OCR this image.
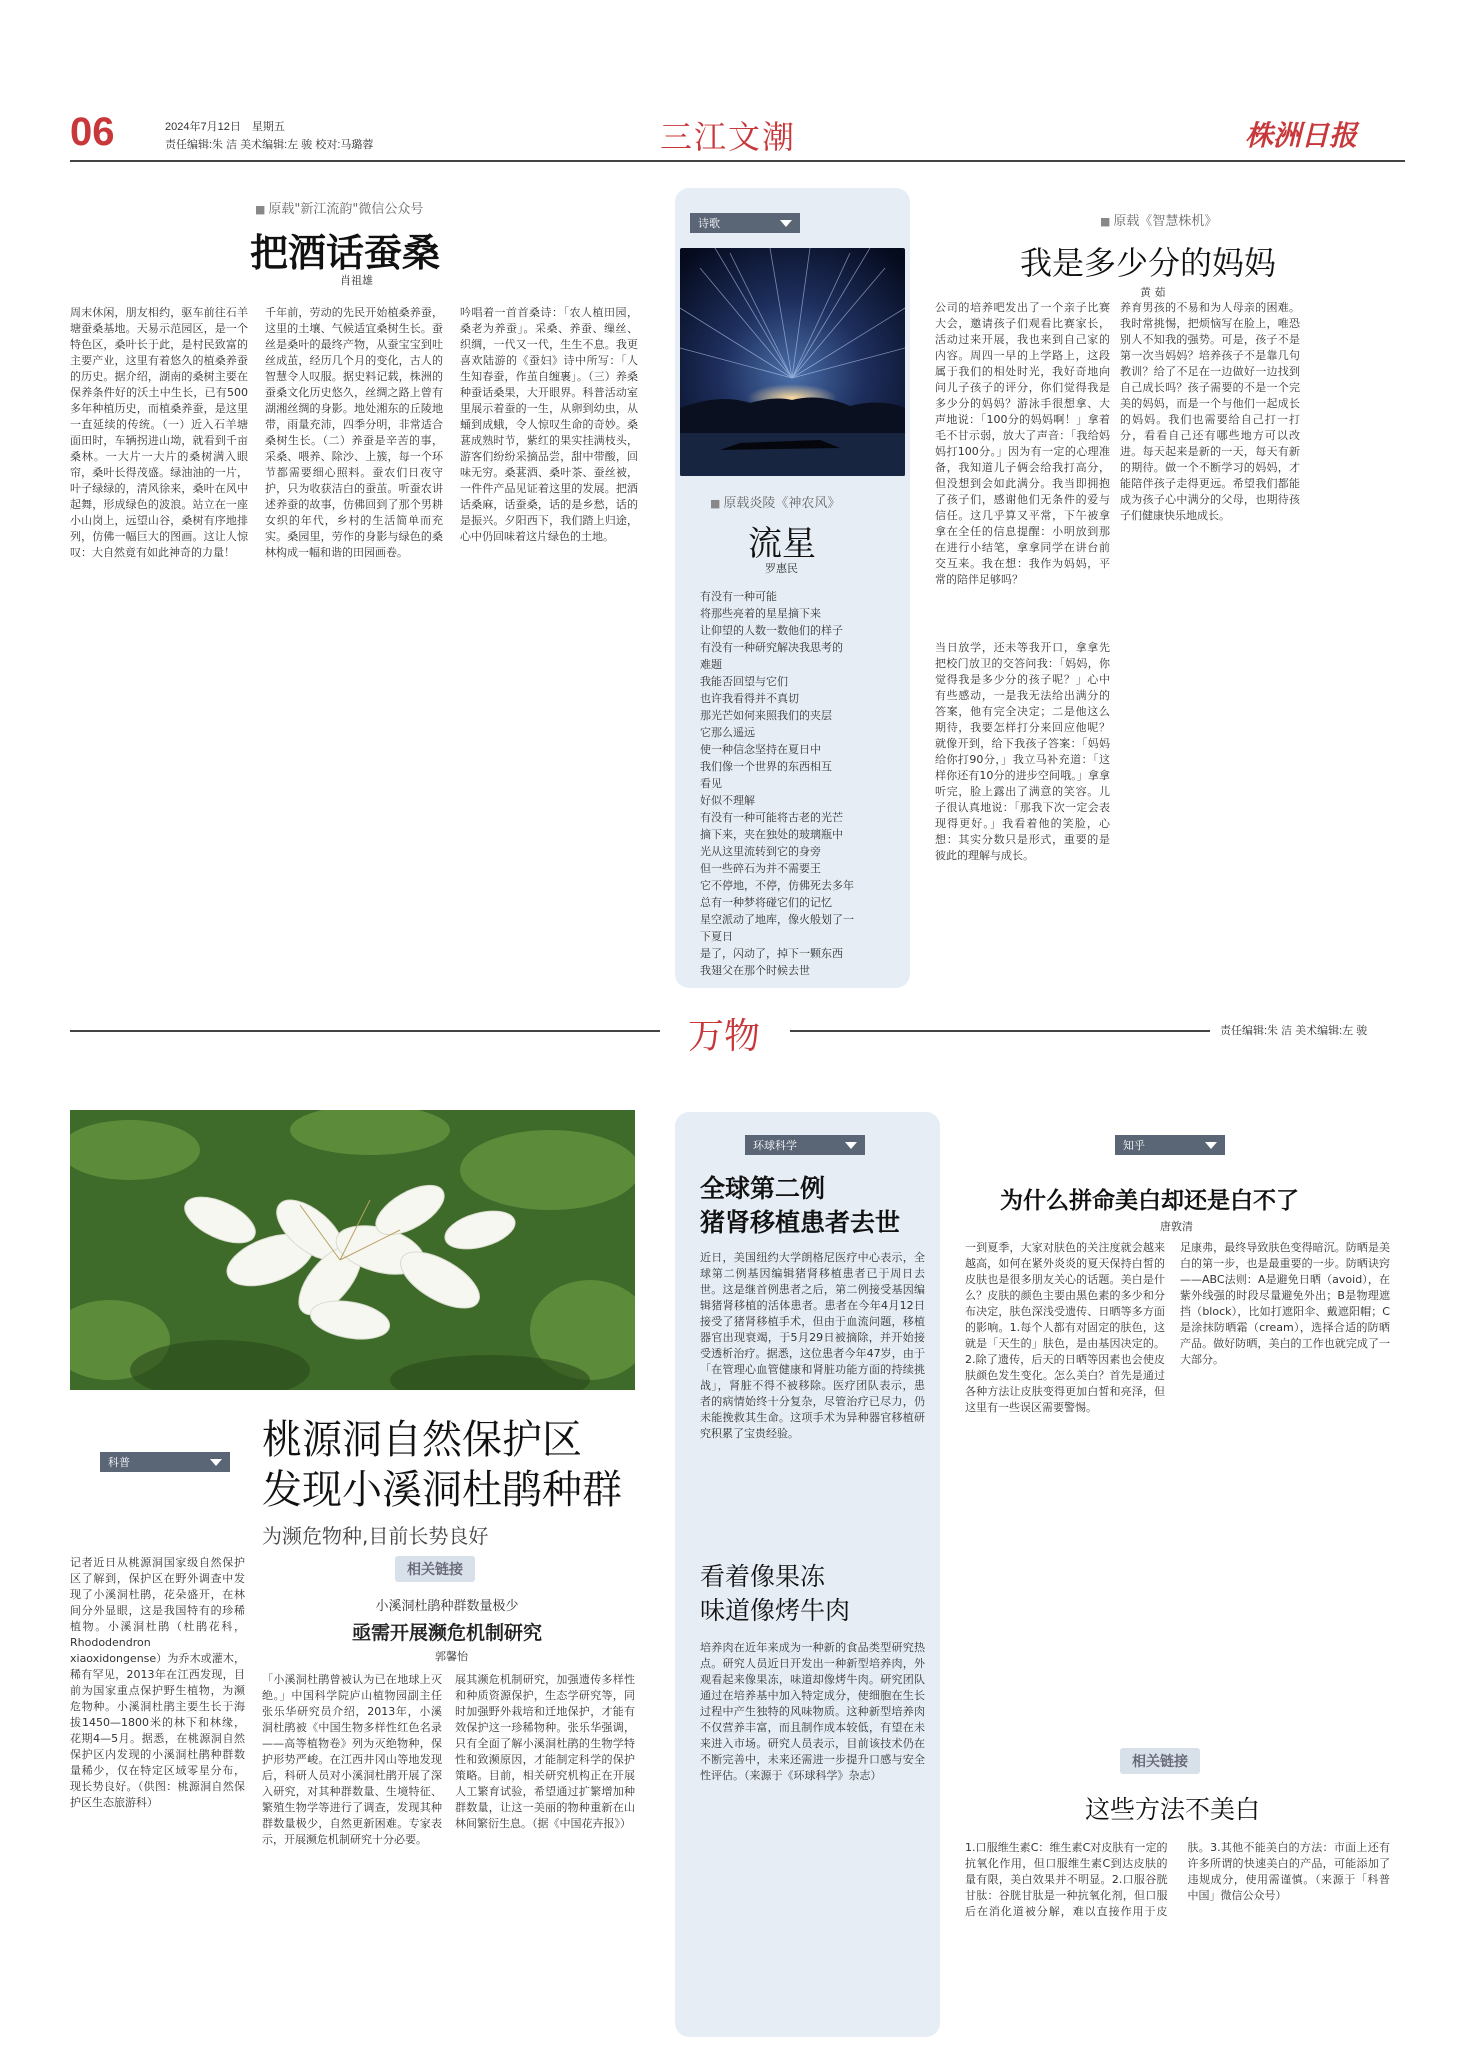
06	2024年7月12日　星期五
责任编辑:朱 洁 美术编辑:左 骏 校对:马璐蓉	三江文潮	株洲日报
■ 原载"新江流韵"微信公众号
把酒话蚕桑
肖祖雄
周末休闲，朋友相约，驱车前往石羊塘蚕桑基地。天易示范园区，是一个特色区，桑叶长于此，是村民致富的主要产业，这里有着悠久的植桑养蚕的历史。据介绍，湖南的桑树主要在保养条件好的沃土中生长，已有500多年种植历史，而植桑养蚕，是这里一直延续的传统。（一）近入石羊塘面田时，车辆拐进山坳，就看到千亩桑林。一大片一大片的桑树满入眼帘，桑叶长得茂盛。绿油油的一片，叶子绿绿的，清风徐来，桑叶在风中起舞，形成绿色的波浪。站立在一座小山岗上，远望山谷，桑树有序地排列，仿佛一幅巨大的图画。这让人惊叹：大自然竟有如此神奇的力量！
千年前，劳动的先民开始植桑养蚕，这里的土壤、气候适宜桑树生长。蚕丝是桑叶的最终产物，从蚕宝宝到吐丝成茧，经历几个月的变化，古人的智慧令人叹服。据史料记载，株洲的蚕桑文化历史悠久，丝绸之路上曾有湖湘丝绸的身影。地处湘东的丘陵地带，雨量充沛，四季分明，非常适合桑树生长。（二）养蚕是辛苦的事，采桑、喂养、除沙、上簇，每一个环节都需要细心照料。蚕农们日夜守护，只为收获洁白的蚕茧。听蚕农讲述养蚕的故事，仿佛回到了那个男耕女织的年代，乡村的生活简单而充实。桑园里，劳作的身影与绿色的桑林构成一幅和谐的田园画卷。
吟唱着一首首桑诗：「农人植田园，桑老为养蚕」。采桑、养蚕、缫丝、织绸，一代又一代，生生不息。我更喜欢陆游的《蚕妇》诗中所写：「人生知春蚕，作茧自缠裹」。（三）养桑种蚕话桑果，大开眼界。科普活动室里展示着蚕的一生，从卵到幼虫，从蛹到成蛾，令人惊叹生命的奇妙。桑葚成熟时节，紫红的果实挂满枝头，游客们纷纷采摘品尝，甜中带酸，回味无穷。桑葚酒、桑叶茶、蚕丝被，一件件产品见证着这里的发展。把酒话桑麻，话蚕桑，话的是乡愁，话的是振兴。夕阳西下，我们踏上归途，心中仍回味着这片绿色的土地。
诗歌
■ 原载炎陵《神农风》
流星
罗惠民
有没有一种可能
将那些亮着的星星摘下来
让仰望的人数一数他们的样子
有没有一种研究解决我思考的
难题
我能否回望与它们
也许我看得并不真切
那光芒如何来照我们的夹层
它那么遥远
使一种信念坚持在夏日中
我们像一个世界的东西相互
看见
好似不理解
有没有一种可能将古老的光芒
摘下来，夹在独处的玻璃瓶中
光从这里流转到它的身旁
但一些碎石为并不需要王
它不停地，不停，仿佛死去多年
总有一种梦将碰它们的记忆
星空派动了地库，像火般划了一
下夏日
是了，闪动了，掉下一颗东西
我翅父在那个时候去世
■ 原载《智慧株机》
我是多少分的妈妈
黄 茹
公司的培养吧发出了一个亲子比赛大会，邀请孩子们观看比赛家长，活动过来开展，我也来到自己家的内容。周四一早的上学路上，这段属于我们的相处时光，我好奇地向问儿子孩子的评分，你们觉得我是多少分的妈妈？游泳手很想拿、大声地说：「100分的妈妈啊！」拿着毛不甘示弱，放大了声音：「我给妈妈打100分。」因为有一定的心理准备，我知道儿子俩会给我打高分，但没想到会如此满分。我当即拥抱了孩子们，感谢他们无条件的爱与信任。这几乎算又平常，下午被拿拿在全任的信息提醒：小明放到那在进行小结笔，拿拿同学在讲台前交互来。我在想：我作为妈妈，平常的陪伴足够吗？
养育男孩的不易和为人母亲的困难。我时常挑惕，把烦恼写在脸上，唯恐别人不知我的强势。可是，孩子不是第一次当妈妈？培养孩子不是靠几句教训？给了不足在一边做好一边找到自己成长吗？孩子需要的不是一个完美的妈妈，而是一个与他们一起成长的妈妈。我们也需要给自己打一打分，看看自己还有哪些地方可以改进。每天起来是新的一天，每天有新的期待。做一个不断学习的妈妈，才能陪伴孩子走得更远。希望我们都能成为孩子心中满分的父母，也期待孩子们健康快乐地成长。
当日放学，还未等我开口，拿拿先把校门放卫的交答问我：「妈妈，你觉得我是多少分的孩子呢？」心中有些感动，一是我无法给出满分的答案，他有完全决定；二是他这么期待，我要怎样打分来回应他呢？就像开到，给下我孩子答案：「妈妈给你打90分，」我立马补充道：「这样你还有10分的进步空间哦。」拿拿听完，脸上露出了满意的笑容。儿子很认真地说：「那我下次一定会表现得更好。」我看着他的笑脸，心想：其实分数只是形式，重要的是彼此的理解与成长。
万物	责任编辑:朱 洁 美术编辑:左 骏
科普	桃源洞自然保护区
发现小溪洞杜鹃种群
为濒危物种,目前长势良好
记者近日从桃源洞国家级自然保护区了解到，保护区在野外调查中发现了小溪洞杜鹃，花朵盛开，在林间分外显眼，这是我国特有的珍稀植物。小溪洞杜鹃（杜鹃花科，Rhododendron xiaoxidongense）为乔木或灌木，稀有罕见，2013年在江西发现，目前为国家重点保护野生植物，为濒危物种。小溪洞杜鹃主要生长于海拔1450—1800米的林下和林缘，花期4—5月。据悉，在桃源洞自然保护区内发现的小溪洞杜鹃种群数量稀少，仅在特定区域零星分布，现长势良好。（供图：桃源洞自然保护区生态旅游科）
相关链接
小溪洞杜鹃种群数量极少
亟需开展濒危机制研究
郭馨怡
「小溪洞杜鹃曾被认为已在地球上灭绝。」中国科学院庐山植物园副主任张乐华研究员介绍，2013年，小溪洞杜鹃被《中国生物多样性红色名录——高等植物卷》列为灭绝物种，保护形势严峻。在江西井冈山等地发现后，科研人员对小溪洞杜鹃开展了深入研究，对其种群数量、生境特征、繁殖生物学等进行了调查，发现其种群数量极少，自然更新困难。专家表示，开展濒危机制研究十分必要。
展其濒危机制研究，加强遗传多样性和种质资源保护，生态学研究等，同时加强野外栽培和迁地保护，才能有效保护这一珍稀物种。张乐华强调，只有全面了解小溪洞杜鹃的生物学特性和致濒原因，才能制定科学的保护策略。目前，相关研究机构正在开展人工繁育试验，希望通过扩繁增加种群数量，让这一美丽的物种重新在山林间繁衍生息。（据《中国花卉报》）
环球科学
全球第二例
猪肾移植患者去世
近日，美国纽约大学朗格尼医疗中心表示，全球第二例基因编辑猪肾移植患者已于周日去世。这是继首例患者之后，第二例接受基因编辑猪肾移植的活体患者。患者在今年4月12日接受了猪肾移植手术，但由于血流问题，移植器官出现衰竭，于5月29日被摘除，并开始接受透析治疗。据悉，这位患者今年47岁，由于「在管理心血管健康和肾脏功能方面的持续挑战」，肾脏不得不被移除。医疗团队表示，患者的病情始终十分复杂，尽管治疗已尽力，仍未能挽救其生命。这项手术为异种器官移植研究积累了宝贵经验。
看着像果冻
味道像烤牛肉
培养肉在近年来成为一种新的食品类型研究热点。研究人员近日开发出一种新型培养肉，外观看起来像果冻，味道却像烤牛肉。研究团队通过在培养基中加入特定成分，使细胞在生长过程中产生独特的风味物质。这种新型培养肉不仅营养丰富，而且制作成本较低，有望在未来进入市场。研究人员表示，目前该技术仍在不断完善中，未来还需进一步提升口感与安全性评估。（来源于《环球科学》杂志）
知乎
为什么拼命美白却还是白不了
唐敦清
一到夏季，大家对肤色的关注度就会越来越高，如何在紧外炎炎的夏天保持白皙的皮肤也是很多朋友关心的话题。美白是什么？皮肤的颜色主要由黑色素的多少和分布决定，肤色深浅受遗传、日晒等多方面的影响。1.每个人都有对固定的肤色，这就是「天生的」肤色，是由基因决定的。2.除了遗传，后天的日晒等因素也会使皮肤颜色发生变化。怎么美白？首先是通过各种方法让皮肤变得更加白皙和亮泽，但这里有一些误区需要警惕。
足康弗，最终导致肤色变得暗沉。防晒是美白的第一步，也是最重要的一步。防晒诀窍——ABC法则：A是避免日晒（avoid），在紫外线强的时段尽量避免外出；B是物理遮挡（block），比如打遮阳伞、戴遮阳帽；C是涂抹防晒霜（cream），选择合适的防晒产品。做好防晒，美白的工作也就完成了一大部分。
相关链接
这些方法不美白
1.口服维生素C：维生素C对皮肤有一定的抗氧化作用，但口服维生素C到达皮肤的量有限，美白效果并不明显。2.口服谷胱甘肽：谷胱甘肽是一种抗氧化剂，但口服后在消化道被分解，难以直接作用于皮肤。3.其他不能美白的方法：市面上还有许多所谓的快速美白的产品，可能添加了违规成分，使用需谨慎。（来源于「科普中国」微信公众号）
